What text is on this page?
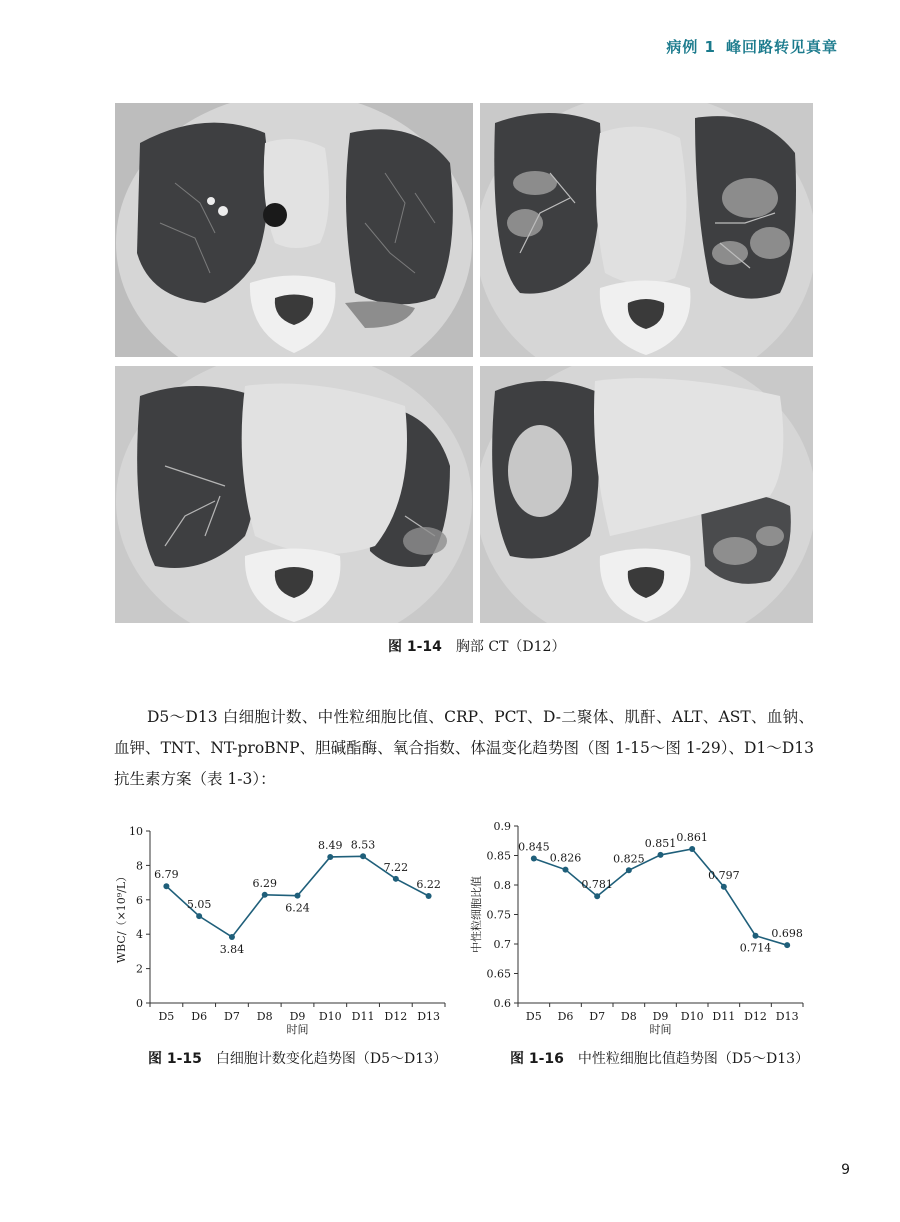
病例 1 峰回路转见真章
图 1-14 胸部 CT（D12）
D5～D13 白细胞计数、中性粒细胞比值、CRP、PCT、D-二聚体、肌酐、ALT、AST、血钠、血钾、TNT、NT-proBNP、胆碱酯酶、氧合指数、体温变化趋势图（图 1-15～图 1-29）、D1～D13 抗生素方案（表 1-3）：
0
2
4
6
8
10
D5 D6 D7 D8 D9 D10 D11 D12 D13
时间
WBC/（×10⁹/L） 6.79
5.05
3.84
6.29
6.24
8.49 8.53
7.22
6.22
图 1-15 白细胞计数变化趋势图（D5～D13）
0.6
0.65
0.7
0.75
0.8
0.85
0.9
D5 D6 D7 D8 D9 D10 D11 D12 D13
时间
中性粒细胞比值
0.845
0.826
0.781
0.825
0.851 0.861
0.797
0.714
0.698
图 1-16 中性粒细胞比值趋势图（D5～D13）
9
